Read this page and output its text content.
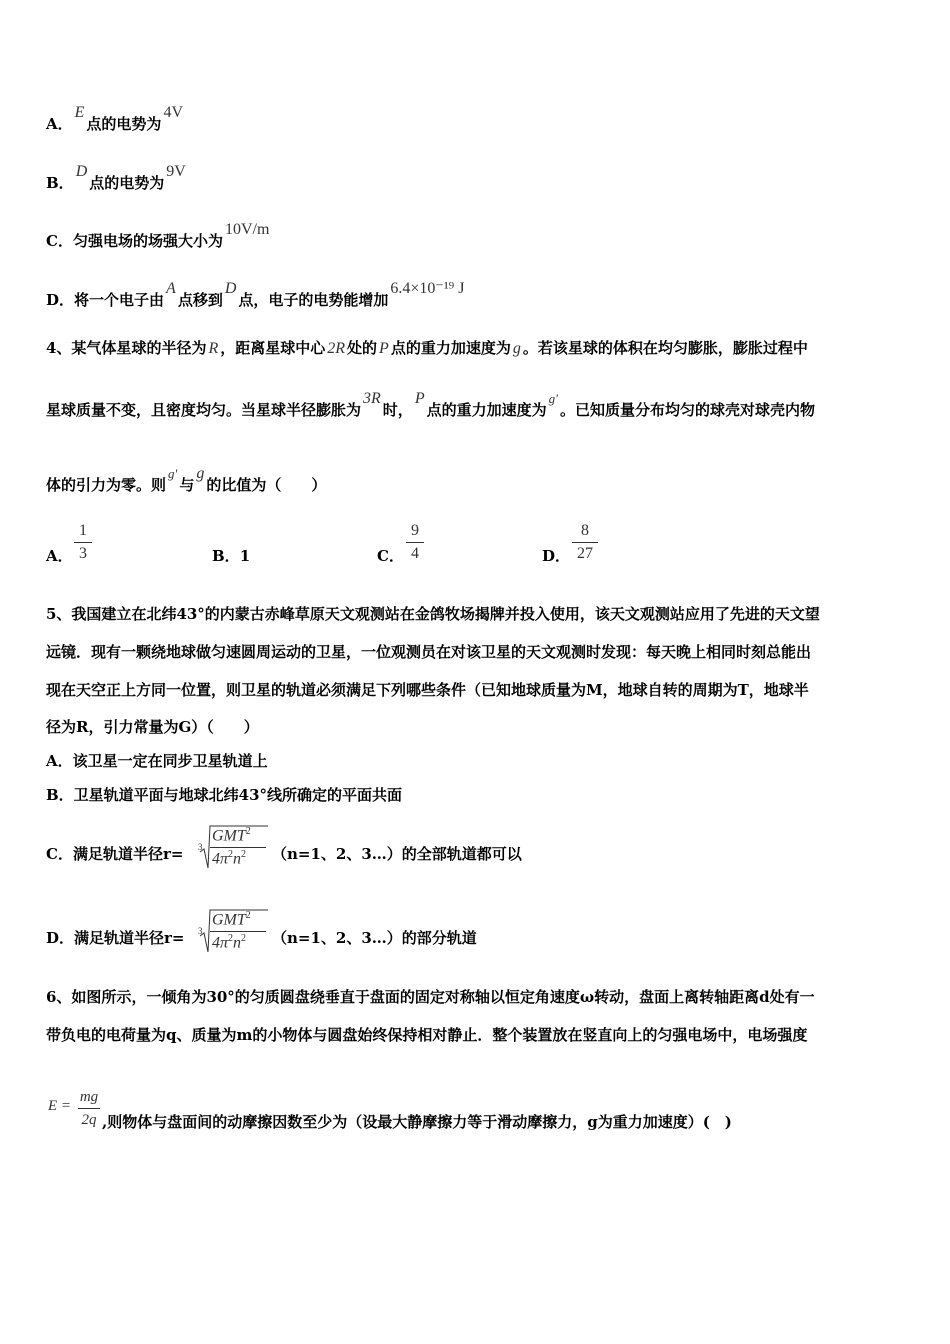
A．E点的电势为4V
B．D点的电势为9V
C．匀强电场的场强大小为10V/m
D．将一个电子由A点移到D点，电子的电势能增加6.4×10⁻¹⁹ J
4、某气体星球的半径为 R ，距离星球中心 2R 处的 P 点的重力加速度为 g 。若该星球的体积在均匀膨胀，膨胀过程中
星球质量不变，且密度均匀。当星球半径膨胀为3R时，P点的重力加速度为g′。已知质量分布均匀的球壳对球壳内物
体的引力为零。则g′与g的比值为（　　）
A．
1
3	B．1	C．
9
4	D．
8
27
5、我国建立在北纬43°的内蒙古赤峰草原天文观测站在金鸽牧场揭牌并投入使用，该天文观测站应用了先进的天文望
远镜．现有一颗绕地球做匀速圆周运动的卫星，一位观测员在对该卫星的天文观测时发现：每天晚上相同时刻总能出
现在天空正上方同一位置，则卫星的轨道必须满足下列哪些条件（已知地球质量为M，地球自转的周期为T，地球半
径为R，引力常量为G）（　　）
A．该卫星一定在同步卫星轨道上
B．卫星轨道平面与地球北纬43°线所确定的平面共面
C．满足轨道半径r= 3
GMT$^2$
$4\pi^2n^2$ （n=1、2、3…）的全部轨道都可以
D．满足轨道半径r= 3
GMT$^2$
$4\pi^2n^2$ （n=1、2、3…）的部分轨道
6、如图所示，一倾角为30°的匀质圆盘绕垂直于盘面的固定对称轴以恒定角速度ω转动，盘面上离转轴距离d处有一
带负电的电荷量为q、质量为m的小物体与圆盘始终保持相对静止．整个装置放在竖直向上的匀强电场中，电场强度
E =
mg
2q ,则物体与盘面间的动摩擦因数至少为（设最大静摩擦力等于滑动摩擦力，g为重力加速度）(　)
